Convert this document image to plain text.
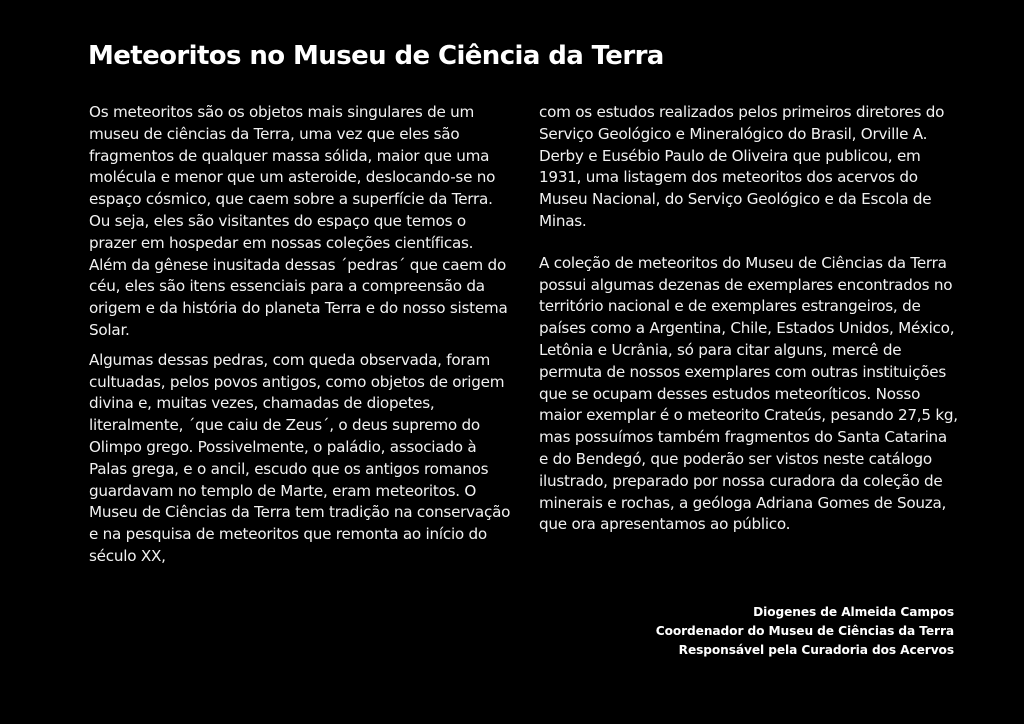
Meteoritos no Museu de Ciência da Terra

Os meteoritos são os objetos mais singulares de um museu de ciências da Terra, uma vez que eles são fragmentos de qualquer massa sólida, maior que uma molécula e menor que um asteroide, deslocando-se no espaço cósmico, que caem sobre a superfície da Terra. Ou seja, eles são visitantes do espaço que temos o prazer em hospedar em nossas coleções científicas. Além da gênese inusitada dessas ´pedras´ que caem do céu, eles são itens essenciais para a compreensão da origem e da história do planeta Terra e do nosso sistema Solar.

Algumas dessas pedras, com queda observada, foram cultuadas, pelos povos antigos, como objetos de origem divina e, muitas vezes, chamadas de diopetes, literalmente, ´que caiu de Zeus´, o deus supremo do Olimpo grego. Possivelmente, o paládio, associado à Palas grega, e o ancil, escudo que os antigos romanos guardavam no templo de Marte, eram meteoritos. O Museu de Ciências da Terra tem tradição na conservação e na pesquisa de meteoritos que remonta ao início do século XX,

com os estudos realizados pelos primeiros diretores do Serviço Geológico e Mineralógico do Brasil, Orville A. Derby e Eusébio Paulo de Oliveira que publicou, em 1931, uma listagem dos meteoritos dos acervos do Museu Nacional, do Serviço Geológico e da Escola de Minas.

A coleção de meteoritos do Museu de Ciências da Terra possui algumas dezenas de exemplares encontrados no território nacional e de exemplares estrangeiros, de países como a Argentina, Chile, Estados Unidos, México, Letônia e Ucrânia, só para citar alguns, mercê de permuta de nossos exemplares com outras instituições que se ocupam desses estudos meteoríticos. Nosso maior exemplar é o meteorito Crateús, pesando 27,5 kg, mas possuímos também fragmentos do Santa Catarina e do Bendegó, que poderão ser vistos neste catálogo ilustrado, preparado por nossa curadora da coleção de minerais e rochas, a geóloga Adriana Gomes de Souza, que ora apresentamos ao público.

Diogenes de Almeida Campos
Coordenador do Museu de Ciências da Terra
Responsável pela Curadoria dos Acervos
